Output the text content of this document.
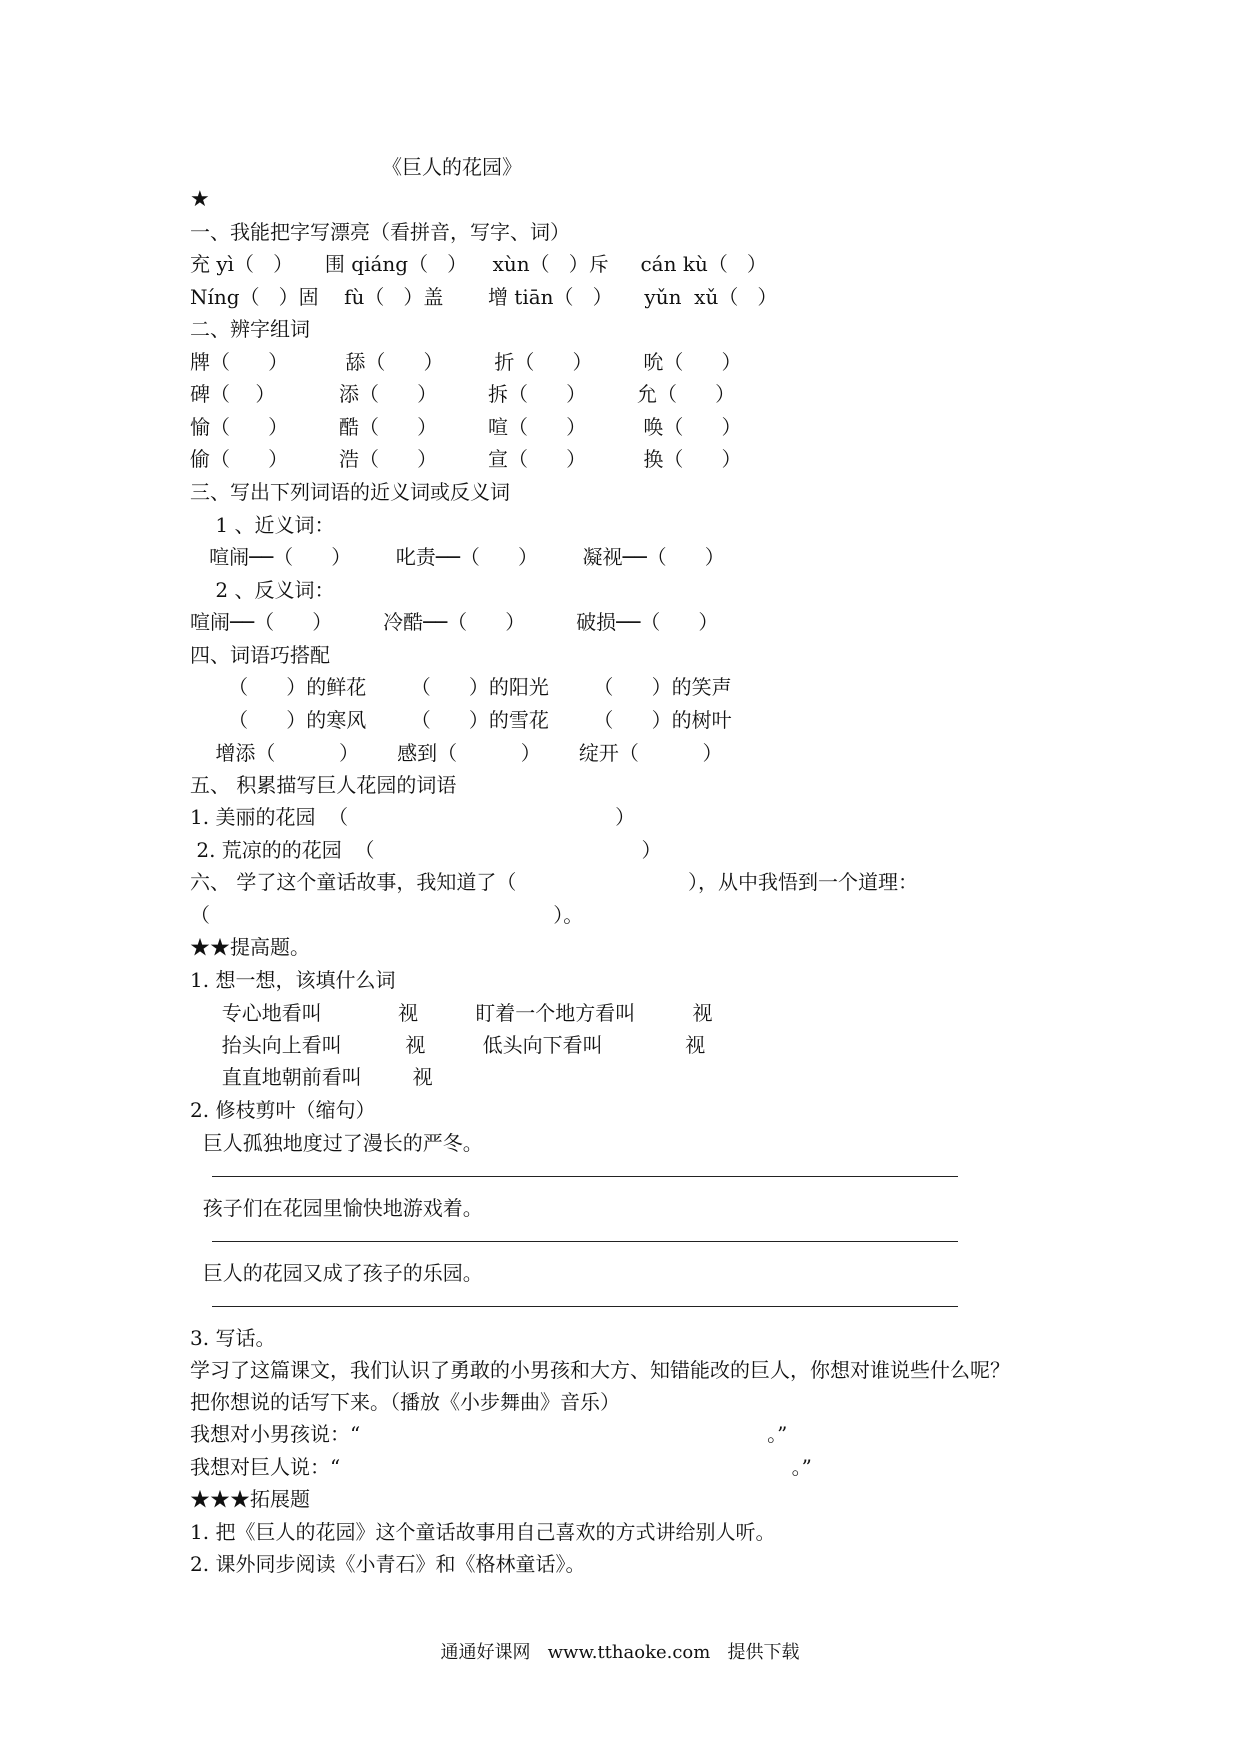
《巨人的花园》

★

一、我能把字写漂亮（看拼音，写字、词）

充 yì（   ）     围 qiáng（   ）    xùn（   ）斥     cán kù（   ）

Níng（   ）固    fù（   ）盖       增 tiān（   ）     yǔn  xǔ（   ）

二、辨字组词

牌（      ）         舔（      ）        折（      ）        吮（      ）

碑（    ）          添（      ）        拆（      ）        允（      ）

愉（      ）        酷（      ）        喧（      ）         唤（      ）

偷（      ）        浩（      ）        宣（      ）         换（      ）

三、写出下列词语的近义词或反义词

1 、近义词：

喧闹──（      ）       叱责──（      ）       凝视──（      ）

2 、反义词：

喧闹──（      ）        冷酷──（      ）        破损──（      ）

四、词语巧搭配

（      ）的鲜花       （      ）的阳光       （      ）的笑声

（      ）的寒风       （      ）的雪花       （      ）的树叶

增添（          ）      感到（          ）      绽开（          ）

五、 积累描写巨人花园的词语

1. 美丽的花园  （                                          ）

2. 荒凉的的花园  （                                          ）

六、 学了这个童话故事，我知道了（                           ），从中我悟到一个道理：

（                                                      ）。

★★提高题。

1. 想一想，该填什么词

专心地看叫            视         盯着一个地方看叫         视

抬头向上看叫          视         低头向下看叫             视

直直地朝前看叫        视

2. 修枝剪叶（缩句）

巨人孤独地度过了漫长的严冬。

孩子们在花园里愉快地游戏着。

巨人的花园又成了孩子的乐园。

3. 写话。

学习了这篇课文，我们认识了勇敢的小男孩和大方、知错能改的巨人，你想对谁说些什么呢？

把你想说的话写下来。（播放《小步舞曲》音乐）

我想对小男孩说：“                                                                。”

我想对巨人说：“                                                                       。”

★★★拓展题

1. 把《巨人的花园》这个童话故事用自己喜欢的方式讲给别人听。

2. 课外同步阅读《小青石》和《格林童话》。

通通好课网   www.tthaoke.com   提供下载
